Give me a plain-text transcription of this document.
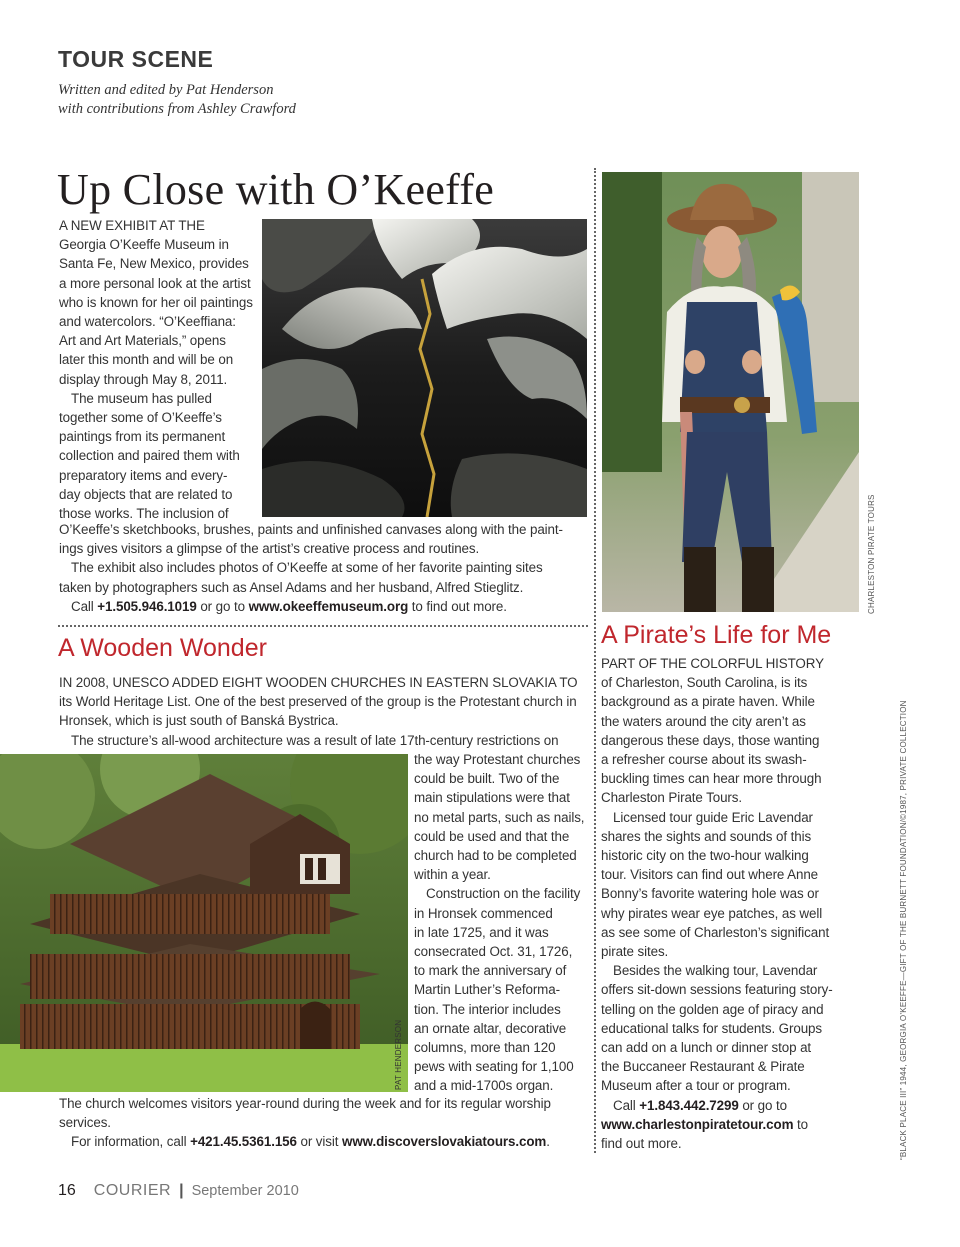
TOUR SCENE
Written and edited by Pat Henderson
with contributions from Ashley Crawford
Up Close with O’Keeffe

A NEW EXHIBIT AT THE

Georgia O’Keeffe Museum in

Santa Fe, New Mexico, provides

a more personal look at the artist

who is known for her oil paintings

and watercolors. “O’Keeffiana:

Art and Art Materials,” opens

later this month and will be on

display through May 8, 2011.

The museum has pulled

together some of O’Keeffe’s

paintings from its permanent

collection and paired them with

preparatory items and every-

day objects that are related to

those works. The inclusion of

O’Keeffe’s sketchbooks, brushes, paints and unfinished canvases along with the paint-

ings gives visitors a glimpse of the artist’s creative process and routines.

The exhibit also includes photos of O’Keeffe at some of her favorite painting sites

taken by photographers such as Ansel Adams and her husband, Alfred Stieglitz.

Call +1.505.946.1019 or go to www.okeeffemuseum.org to find out more.

A Wooden Wonder

IN 2008, UNESCO ADDED EIGHT WOODEN CHURCHES IN EASTERN SLOVAKIA TO

its World Heritage List. One of the best preserved of the group is the Protestant church in

Hronsek, which is just south of Banská Bystrica.

The structure’s all-wood architecture was a result of late 17th-century restrictions on

PAT HENDERSON

the way Protestant churches

could be built. Two of the

main stipulations were that

no metal parts, such as nails,

could be used and that the

church had to be completed

within a year.

Construction on the facility

in Hronsek commenced

in late 1725, and it was

consecrated Oct. 31, 1726,

to mark the anniversary of

Martin Luther’s Reforma-

tion. The interior includes

an ornate altar, decorative

columns, more than 120

pews with seating for 1,100

and a mid-1700s organ.

The church welcomes visitors year-round during the week and for its regular worship

services.

For information, call +421.45.5361.156 or visit www.discoverslovakiatours.com.

CHARLESTON PIRATE TOURS
A Pirate’s Life for Me

PART OF THE COLORFUL HISTORY

of Charleston, South Carolina, is its

background as a pirate haven. While

the waters around the city aren’t as

dangerous these days, those wanting

a refresher course about its swash-

buckling times can hear more through

Charleston Pirate Tours.

Licensed tour guide Eric Lavendar

shares the sights and sounds of this

historic city on the two-hour walking

tour. Visitors can find out where Anne

Bonny’s favorite watering hole was or

why pirates wear eye patches, as well

as see some of Charleston’s significant

pirate sites.

Besides the walking tour, Lavendar

offers sit-down sessions featuring story-

telling on the golden age of piracy and

educational talks for students. Groups

can add on a lunch or dinner stop at

the Buccaneer Restaurant & Pirate

Museum after a tour or program.

Call +1.843.442.7299 or go to

www.charlestonpiratetour.com to

find out more.	“BLACK PLACE III” 1944, GEORGIA O’KEEFFE—GIFT OF THE BURNETT FOUNDATION/©1987, PRIVATE COLLECTION
16 COURIER | September 2010
